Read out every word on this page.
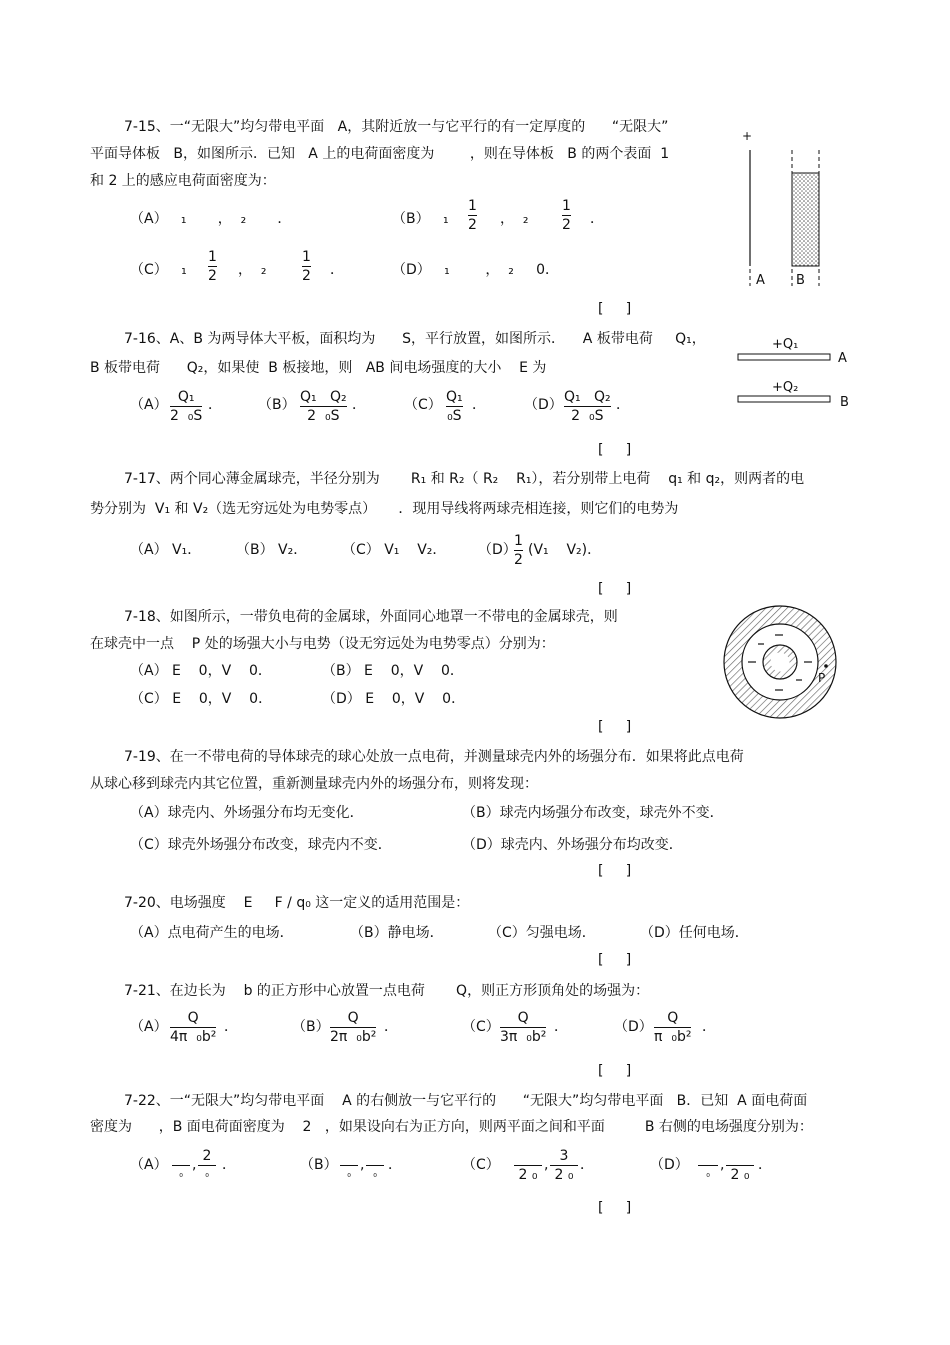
7-15、一“无限大”均匀带电平面   A，其附近放一与它平行的有一定厚度的      “无限大”
平面导体板   B，如图所示．已知   A 上的电荷面密度为        ，则在导体板   B 的两个表面  1
和 2 上的感应电荷面密度为：
（A）   ₁       ，  ₂       ．	（B）   ₁
1
2 ，  ₂
1
2 ．
（C）   ₁
1
2 ，  ₂
1
2 ．	（D）   ₁        ，  ₂     0．
[     ]
+
A B
7-16、A、B 为两导体大平板，面积均为      S，平行放置，如图所示．    A 板带电荷     Q₁，
B 板带电荷      Q₂，如果使  B 板接地，则   AB 间电场强度的大小    E 为
（A） Q₁
2  ₀S
．	（B） Q₁   Q₂
2  ₀S
．	（C） Q₁
₀S
．	（D） Q₁   Q₂
2  ₀S
．
[     ]
+Q₁
A
+Q₂
B
7-17、两个同心薄金属球壳，半径分别为       R₁ 和 R₂（ R₂    R₁），若分别带上电荷    q₁ 和 q₂，则两者的电
势分别为  V₁ 和 V₂（选无穷远处为电势零点）     ．现用导线将两球壳相连接，则它们的电势为
（A） V₁． （B） V₂． （C） V₁    V₂． （D）
1
2
(V₁    V₂)．
[     ]
7-18、如图所示，一带负电荷的金属球，外面同心地罩一不带电的金属球壳，则
在球壳中一点    P 处的场强大小与电势（设无穷远处为电势零点）分别为：
（A） E    0，V    0．	（B） E    0，V    0．
（C） E    0，V    0．	（D） E    0，V    0．
[     ]
P
7-19、在一不带电荷的导体球壳的球心处放一点电荷，并测量球壳内外的场强分布．如果将此点电荷
从球心移到球壳内其它位置，重新测量球壳内外的场强分布，则将发现：
（A）球壳内、外场强分布均无变化．	（B）球壳内场强分布改变，球壳外不变．
（C）球壳外场强分布改变，球壳内不变．	（D）球壳内、外场强分布均改变．
[     ]
7-20、电场强度    E     F / q₀ 这一定义的适用范围是：
（A）点电荷产生的电场．	（B）静电场．	（C）匀强电场．	（D）任何电场．
[     ]
7-21、在边长为    b 的正方形中心放置一点电荷       Q，则正方形顶角处的场强为：
（A）
Q
4π  ₀b²
．	（B）
Q
2π  ₀b²
．	（C）
Q
3π  ₀b²
．	（D）
Q
π  ₀b²
．
[     ]
7-22、一“无限大”均匀带电平面    A 的右侧放一与它平行的      “无限大”均匀带电平面   B．已知  A 面电荷面
密度为      ，B 面电荷面密度为    2   ，如果设向右为正方向，则两平面之间和平面         B 右侧的电场强度分别为：
（A）

₀
,
2
₀
．	（B）

₀
,

₀
．	（C）

2 ₀
,
3
2 ₀
．	（D）

₀
,

2 ₀
．
[     ]
